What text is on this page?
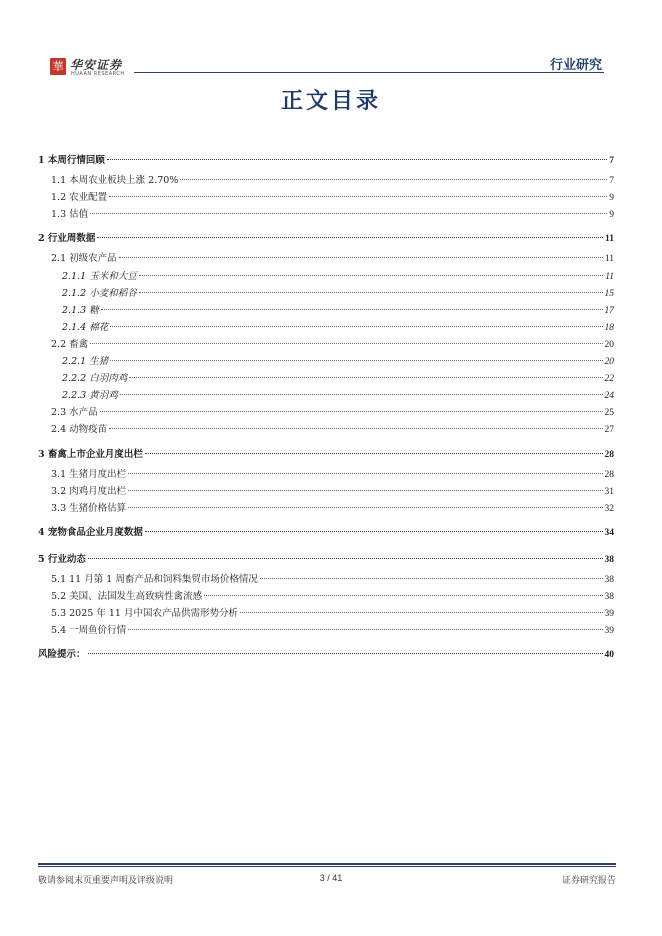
華 华安证券
HUAAN RESEARCH
行业研究
正文目录
1 本周行情回顾	7
1.1 本周农业板块上涨 2.70%	7
1.2 农业配置	9
1.3 估值	9
2 行业周数据	11
2.1 初级农产品	11
2.1.1 玉米和大豆	11
2.1.2 小麦和稻谷	15
2.1.3 糖	17
2.1.4 棉花	18
2.2 畜禽	20
2.2.1 生猪	20
2.2.2 白羽肉鸡	22
2.2.3 黄羽鸡	24
2.3 水产品	25
2.4 动物疫苗	27
3 畜禽上市企业月度出栏	28
3.1 生猪月度出栏	28
3.2 肉鸡月度出栏	31
3.3 生猪价格估算	32
4 宠物食品企业月度数据	34
5 行业动态	38
5.1 11 月第 1 周畜产品和饲料集贸市场价格情况	38
5.2 美国、法国发生高致病性禽流感	38
5.3 2025 年 11 月中国农产品供需形势分析	39
5.4 一周鱼价行情	39
风险提示：	40
敬请参阅末页重要声明及评级说明	3 / 41	证券研究报告
